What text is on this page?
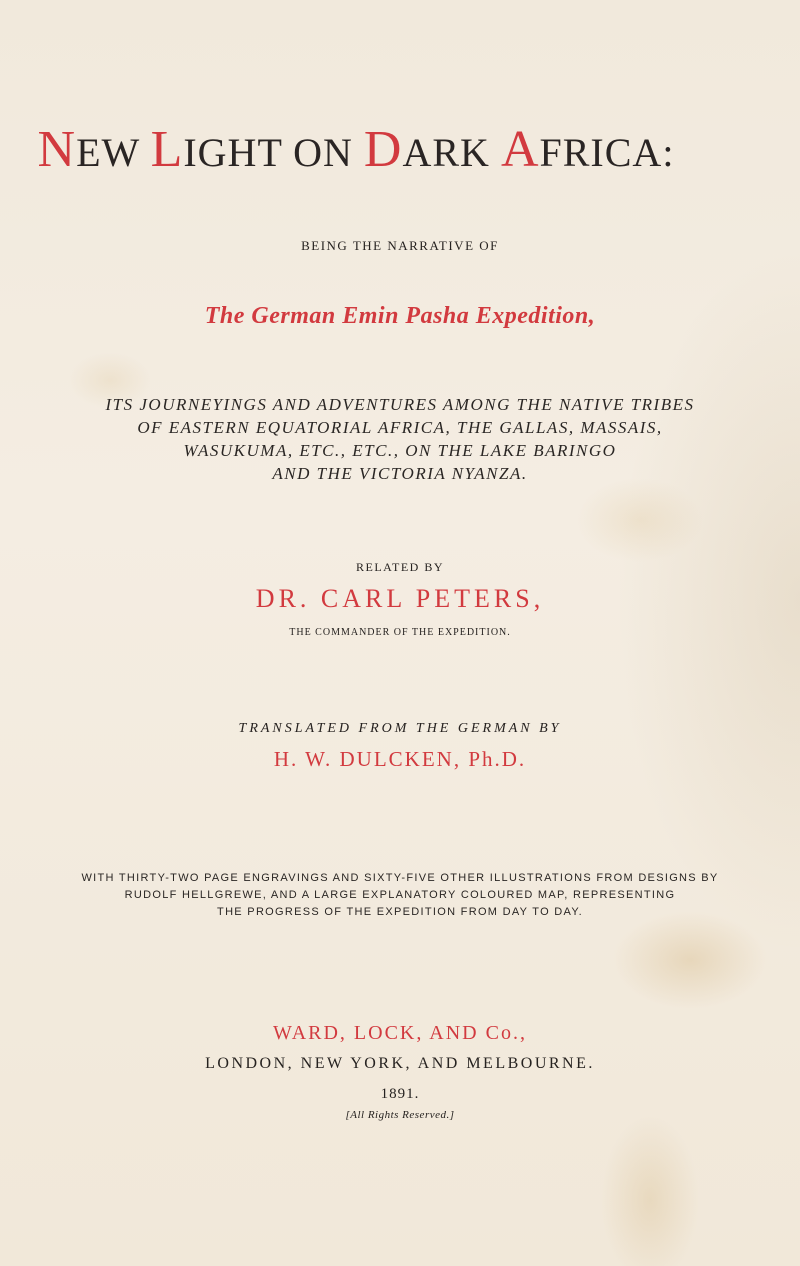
NEW LIGHT ON DARK AFRICA:
BEING THE NARRATIVE OF
The German Emin Pasha Expedition,
ITS JOURNEYINGS AND ADVENTURES AMONG THE NATIVE TRIBES
OF EASTERN EQUATORIAL AFRICA, THE GALLAS, MASSAIS,
WASUKUMA, ETC., ETC., ON THE LAKE BARINGO
AND THE VICTORIA NYANZA.
RELATED BY
DR. CARL PETERS,
THE COMMANDER OF THE EXPEDITION.
TRANSLATED FROM THE GERMAN BY
H. W. DULCKEN, Ph.D.
WITH THIRTY-TWO PAGE ENGRAVINGS AND SIXTY-FIVE OTHER ILLUSTRATIONS FROM DESIGNS BY
RUDOLF HELLGREWE, AND A LARGE EXPLANATORY COLOURED MAP, REPRESENTING
THE PROGRESS OF THE EXPEDITION FROM DAY TO DAY.
WARD, LOCK, AND Co.,
LONDON, NEW YORK, AND MELBOURNE.
1891.
[All Rights Reserved.]
